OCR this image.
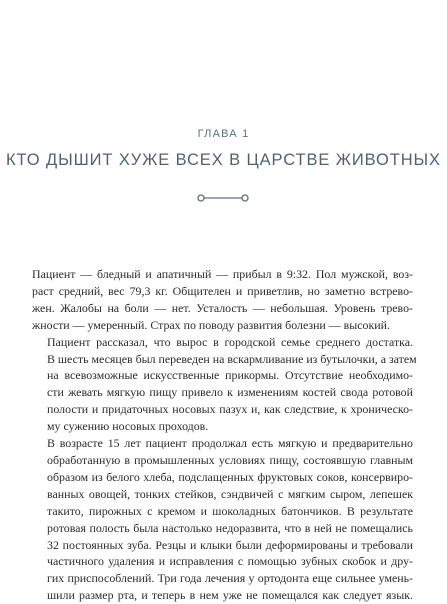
ГЛАВА 1
КТО ДЫШИТ ХУЖЕ ВСЕХ В ЦАРСТВЕ ЖИВОТНЫХ

Пациент — бледный и апатичный — прибыл в 9:32. Пол мужской, воз-
раст средний, вес 79,3 кг. Общителен и приветлив, но заметно встрево-
жен. Жалобы на боли — нет. Усталость — небольшая. Уровень трево-
жности — умеренный. Страх по поводу развития болезни — высокий.

Пациент рассказал, что вырос в городской семье среднего достатка.
В шесть месяцев был переведен на вскармливание из бутылочки, а затем
на всевозможные искусственные прикормы. Отсутствие необходимо-
сти жевать мягкую пищу привело к изменениям костей свода ротовой
полости и придаточных носовых пазух и, как следствие, к хроническо-
му сужению носовых проходов.

В возрасте 15 лет пациент продолжал есть мягкую и предварительно
обработанную в промышленных условиях пищу, состоявшую главным
образом из белого хлеба, подслащенных фруктовых соков, консервиро-
ванных овощей, тонких стейков, сэндвичей с мягким сыром, лепешек
такито, пирожных с кремом и шоколадных батончиков. В результате
ротовая полость была настолько недоразвита, что в ней не помещались
32 постоянных зуба. Резцы и клыки были деформированы и требовали
частичного удаления и исправления с помощью зубных скобок и дру-
гих приспособлений. Три года лечения у ортодонта еще сильнее умень-
шили размер рта, и теперь в нем уже не помещался как следует язык.
